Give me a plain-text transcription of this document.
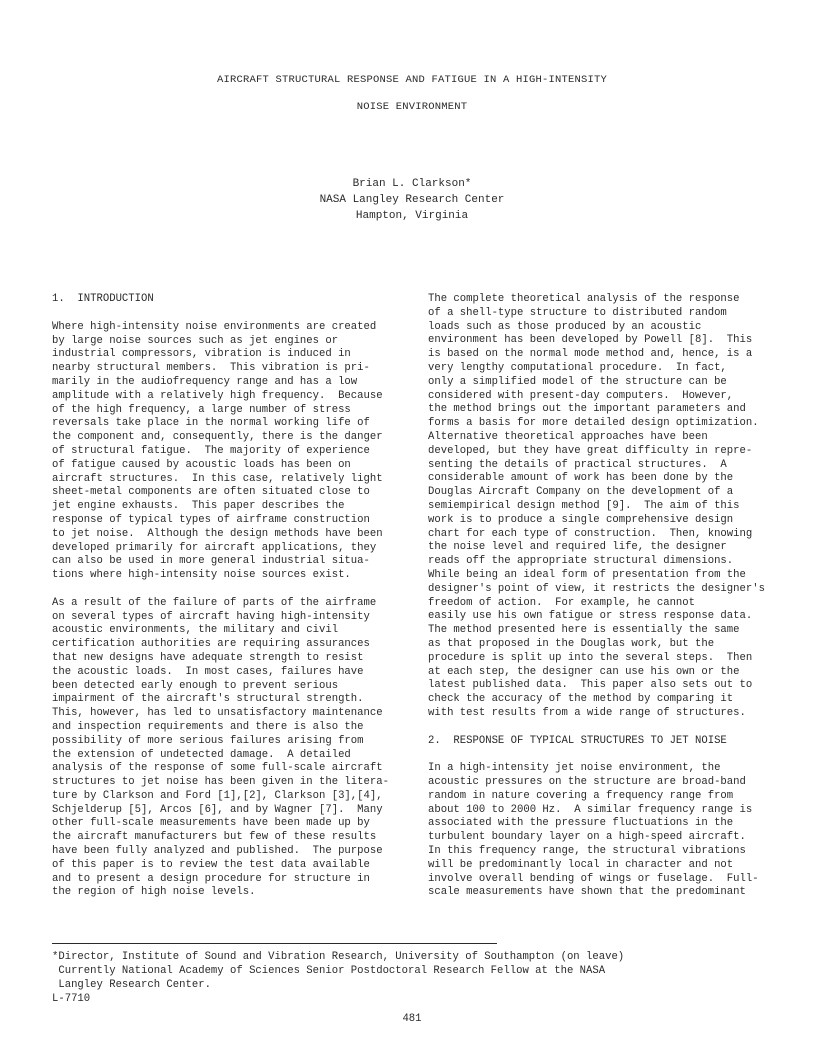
AIRCRAFT STRUCTURAL RESPONSE AND FATIGUE IN A HIGH-INTENSITY
NOISE ENVIRONMENT
Brian L. Clarkson*
NASA Langley Research Center
Hampton, Virginia
1.  INTRODUCTION
Where high-intensity noise environments are created
by large noise sources such as jet engines or
industrial compressors, vibration is induced in
nearby structural members.  This vibration is pri-
marily in the audiofrequency range and has a low
amplitude with a relatively high frequency.  Because
of the high frequency, a large number of stress
reversals take place in the normal working life of
the component and, consequently, there is the danger
of structural fatigue.  The majority of experience
of fatigue caused by acoustic loads has been on
aircraft structures.  In this case, relatively light
sheet-metal components are often situated close to
jet engine exhausts.  This paper describes the
response of typical types of airframe construction
to jet noise.  Although the design methods have been
developed primarily for aircraft applications, they
can also be used in more general industrial situa-
tions where high-intensity noise sources exist.
As a result of the failure of parts of the airframe
on several types of aircraft having high-intensity
acoustic environments, the military and civil
certification authorities are requiring assurances
that new designs have adequate strength to resist
the acoustic loads.  In most cases, failures have
been detected early enough to prevent serious
impairment of the aircraft's structural strength.
This, however, has led to unsatisfactory maintenance
and inspection requirements and there is also the
possibility of more serious failures arising from
the extension of undetected damage.  A detailed
analysis of the response of some full-scale aircraft
structures to jet noise has been given in the litera-
ture by Clarkson and Ford [1],[2], Clarkson [3],[4],
Schjelderup [5], Arcos [6], and by Wagner [7].  Many
other full-scale measurements have been made up by
the aircraft manufacturers but few of these results
have been fully analyzed and published.  The purpose
of this paper is to review the test data available
and to present a design procedure for structure in
the region of high noise levels.
The complete theoretical analysis of the response
of a shell-type structure to distributed random
loads such as those produced by an acoustic
environment has been developed by Powell [8].  This
is based on the normal mode method and, hence, is a
very lengthy computational procedure.  In fact,
only a simplified model of the structure can be
considered with present-day computers.  However,
the method brings out the important parameters and
forms a basis for more detailed design optimization.
Alternative theoretical approaches have been
developed, but they have great difficulty in repre-
senting the details of practical structures.  A
considerable amount of work has been done by the
Douglas Aircraft Company on the development of a
semiempirical design method [9].  The aim of this
work is to produce a single comprehensive design
chart for each type of construction.  Then, knowing
the noise level and required life, the designer
reads off the appropriate structural dimensions.
While being an ideal form of presentation from the
designer's point of view, it restricts the designer's
freedom of action.  For example, he cannot
easily use his own fatigue or stress response data.
The method presented here is essentially the same
as that proposed in the Douglas work, but the
procedure is split up into the several steps.  Then
at each step, the designer can use his own or the
latest published data.  This paper also sets out to
check the accuracy of the method by comparing it
with test results from a wide range of structures.
2.  RESPONSE OF TYPICAL STRUCTURES TO JET NOISE
In a high-intensity jet noise environment, the
acoustic pressures on the structure are broad-band
random in nature covering a frequency range from
about 100 to 2000 Hz.  A similar frequency range is
associated with the pressure fluctuations in the
turbulent boundary layer on a high-speed aircraft.
In this frequency range, the structural vibrations
will be predominantly local in character and not
involve overall bending of wings or fuselage.  Full-
scale measurements have shown that the predominant
*Director, Institute of Sound and Vibration Research, University of Southampton (on leave)
Currently National Academy of Sciences Senior Postdoctoral Research Fellow at the NASA
Langley Research Center.
L-7710
481
